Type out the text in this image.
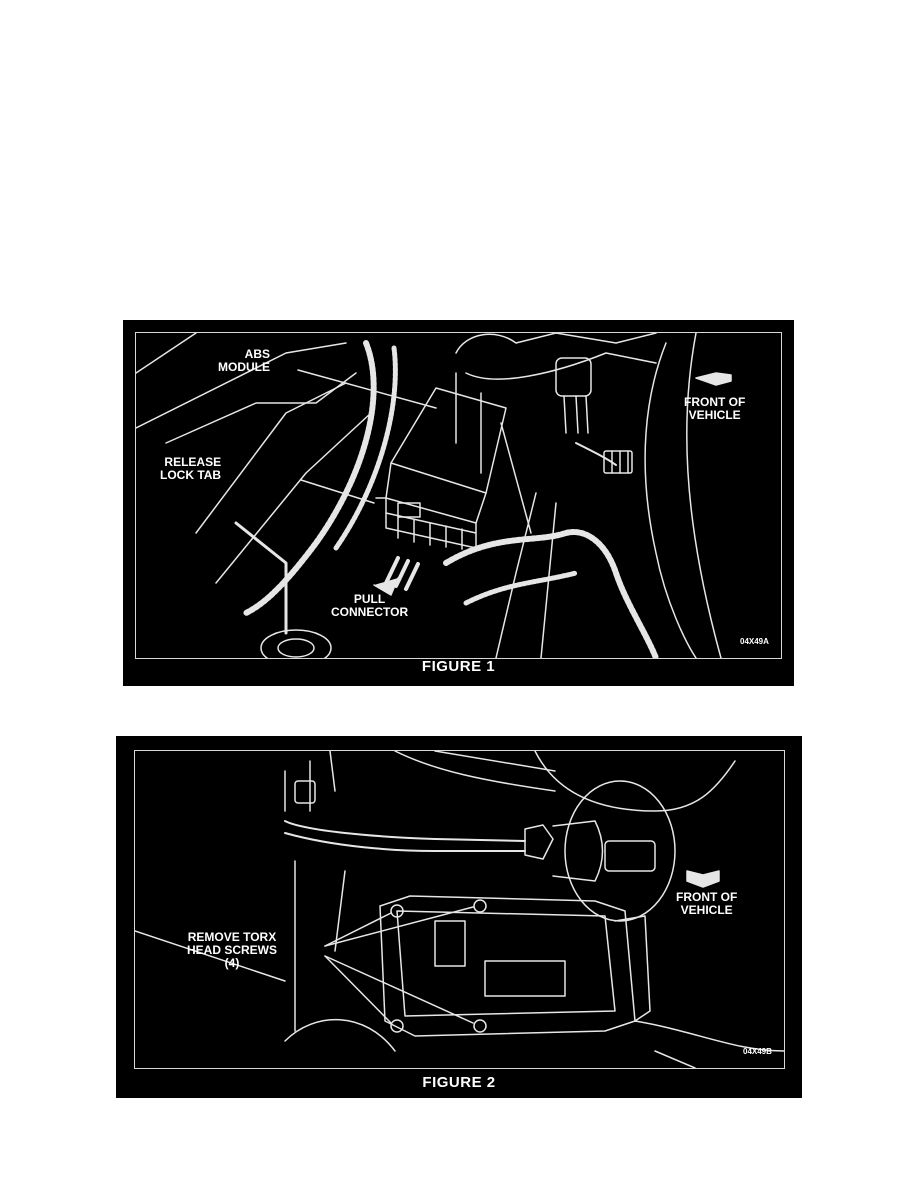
ABS
MODULE
RELEASE
LOCK TAB
PULL
CONNECTOR
FRONT OF
VEHICLE
04X49A
FIGURE 1
REMOVE TORX
HEAD SCREWS
(4)
FRONT OF
VEHICLE
04X49B
FIGURE 2
